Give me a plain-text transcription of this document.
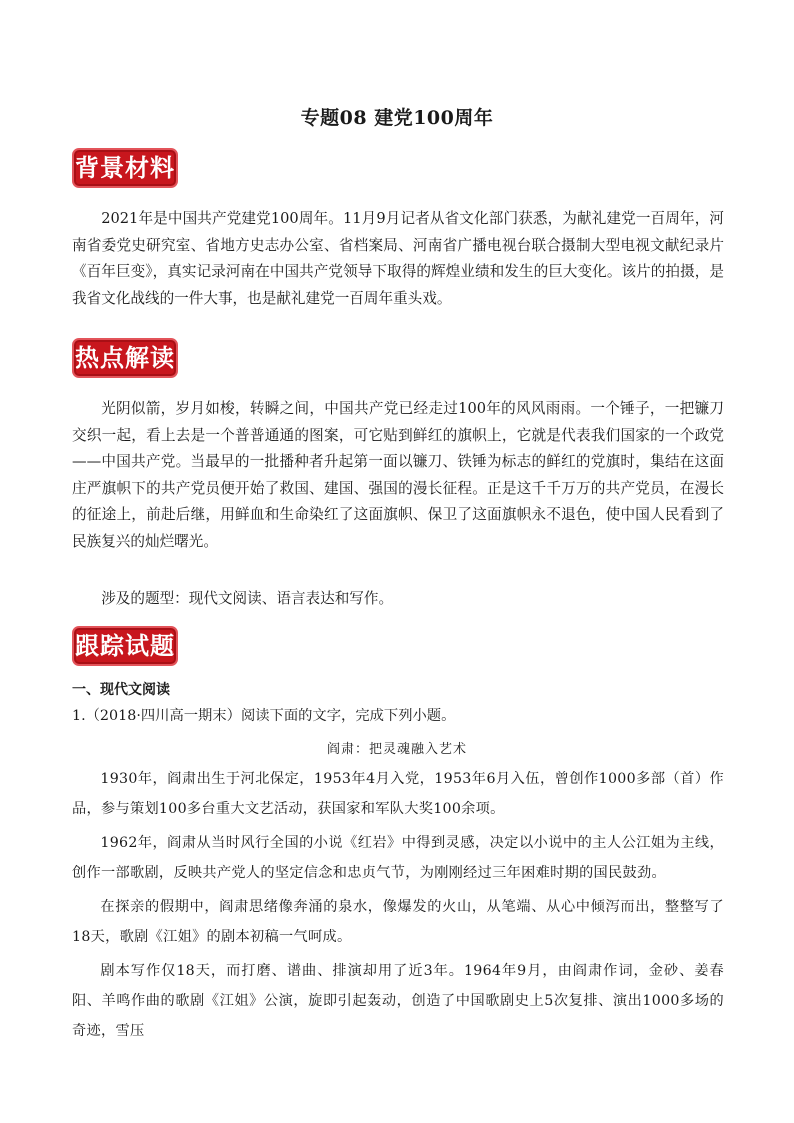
专题08 建党100周年
背景材料

2021年是中国共产党建党100周年。11月9月记者从省文化部门获悉，为献礼建党一百周年，河南省委党史研究室、省地方史志办公室、省档案局、河南省广播电视台联合摄制大型电视文献纪录片《百年巨变》，真实记录河南在中国共产党领导下取得的辉煌业绩和发生的巨大变化。该片的拍摄，是我省文化战线的一件大事，也是献礼建党一百周年重头戏。

热点解读

光阴似箭，岁月如梭，转瞬之间，中国共产党已经走过100年的风风雨雨。一个锤子，一把镰刀交织一起，看上去是一个普普通通的图案，可它贴到鲜红的旗帜上，它就是代表我们国家的一个政党——中国共产党。当最早的一批播种者升起第一面以镰刀、铁锤为标志的鲜红的党旗时，集结在这面庄严旗帜下的共产党员便开始了救国、建国、强国的漫长征程。正是这千千万万的共产党员，在漫长的征途上，前赴后继，用鲜血和生命染红了这面旗帜、保卫了这面旗帜永不退色，使中国人民看到了民族复兴的灿烂曙光。

涉及的题型：现代文阅读、语言表达和写作。

跟踪试题

一、现代文阅读

1.（2018·四川高一期末）阅读下面的文字，完成下列小题。

阎肃：把灵魂融入艺术

1930年，阎肃出生于河北保定，1953年4月入党，1953年6月入伍，曾创作1000多部（首）作品，参与策划100多台重大文艺活动，获国家和军队大奖100余项。

1962年，阎肃从当时风行全国的小说《红岩》中得到灵感，决定以小说中的主人公江姐为主线，创作一部歌剧，反映共产党人的坚定信念和忠贞气节，为刚刚经过三年困难时期的国民鼓劲。

在探亲的假期中，阎肃思绪像奔涌的泉水，像爆发的火山，从笔端、从心中倾泻而出，整整写了18天，歌剧《江姐》的剧本初稿一气呵成。

剧本写作仅18天，而打磨、谱曲、排演却用了近3年。1964年9月，由阎肃作词，金砂、姜春阳、羊鸣作曲的歌剧《江姐》公演，旋即引起轰动，创造了中国歌剧史上5次复排、演出1000多场的奇迹，雪压
